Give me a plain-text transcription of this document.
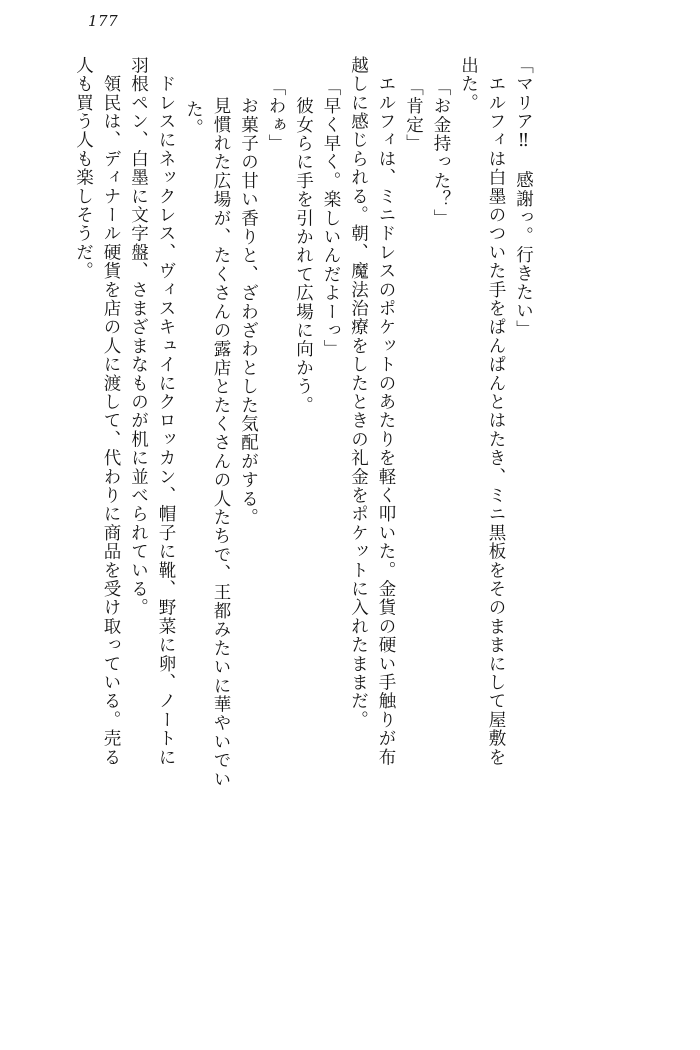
177
人も買う人も楽しそうだ。 　領民は、ディナール硬貨を店の人に渡して、代わりに商品を受け取っている。売る 羽根ペン、白墨に文字盤、さまざまなものが机に並べられている。 　ドレスにネックレス、ヴィスキュイにクロッカン、帽子に靴、野菜に卵、ノートに た。 　見慣れた広場が、たくさんの露店とたくさんの人たちで、王都みたいに華やいでい 　お菓子の甘い香りと、ざわざわとした気配がする。 「わぁ」 　彼女らに手を引かれて広場に向かう。 「早く早く。楽しいんだよーっ」 越しに感じられる。朝、魔法治療をしたときの礼金をポケットに入れたままだ。 　エルフィは、ミニドレスのポケットのあたりを軽く叩いた。金貨の硬い手触りが布 「肯定」 「お金持った？」 出た。 　エルフィは白墨のついた手をぱんぱんとはたき、ミニ黒板をそのままにして屋敷を 「マリア‼　感謝っ。行きたい」
